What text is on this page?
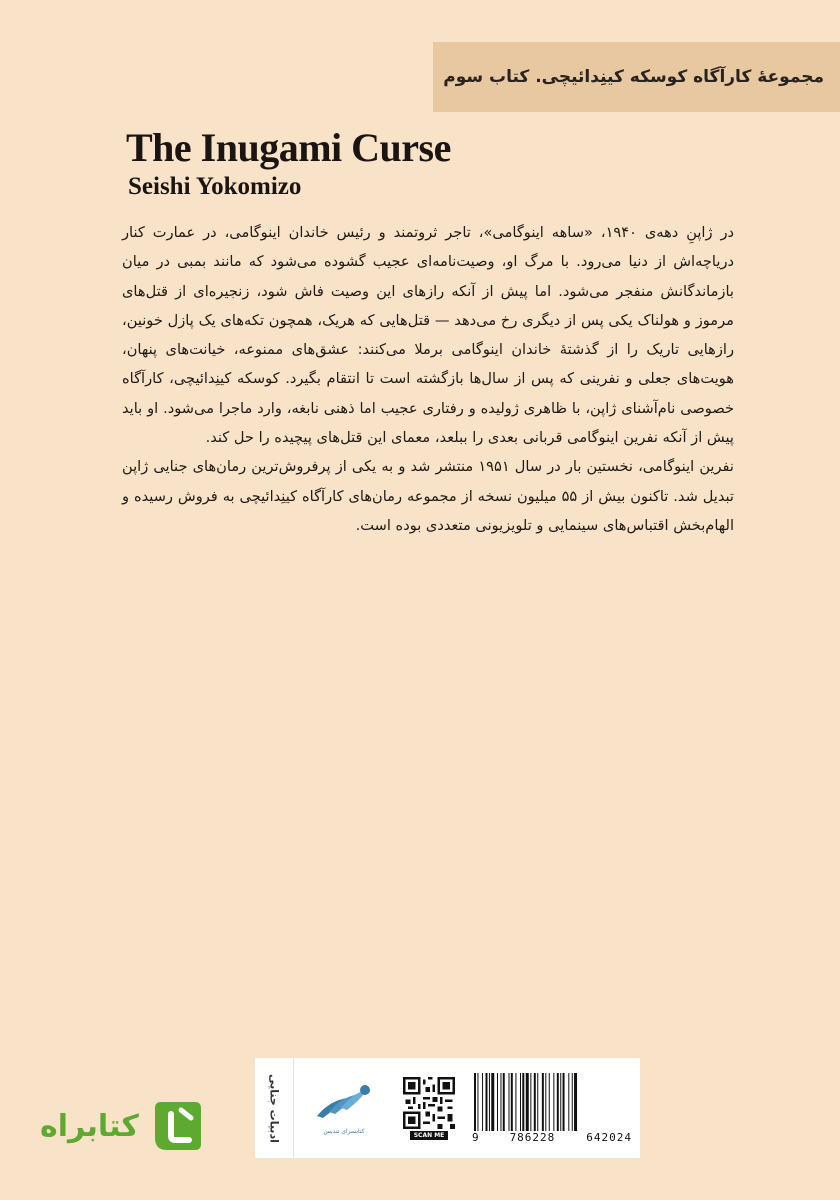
مجموعۀ کارآگاه کوسکه کینِدائیچی. کتاب سوم
The Inugami Curse
Seishi Yokomizo

در ژاپنِ دهه‌ی ۱۹۴۰، «ساهه اینوگامی»، تاجر ثروتمند و رئیس خاندان اینوگامی، در عمارت کنار دریاچه‌اش از دنیا می‌رود. با مرگ او، وصیت‌نامه‌ای عجیب گشوده می‌شود که مانند بمبی در میان بازماندگانش منفجر می‌شود. اما پیش از آنکه رازهای این وصیت فاش شود، زنجیره‌ای از قتل‌های مرموز و هولناک یکی پس از دیگری رخ می‌دهد — قتل‌هایی که هریک، همچون تکه‌های یک پازل خونین، رازهایی تاریک را از گذشتۀ خاندان اینوگامی برملا می‌کنند: عشق‌های ممنوعه، خیانت‌های پنهان، هویت‌های جعلی و نفرینی که پس از سال‌ها بازگشته است تا انتقام بگیرد. کوسکه کینِدائیچی، کارآگاه خصوصی نام‌آشنای ژاپن، با ظاهری ژولیده و رفتاری عجیب اما ذهنی نابغه، وارد ماجرا می‌شود. او باید پیش از آنکه نفرین اینوگامی قربانی بعدی را ببلعد، معمای این قتل‌های پیچیده را حل کند.

نفرین اینوگامی، نخستین بار در سال ۱۹۵۱ منتشر شد و به یکی از پرفروش‌ترین رمان‌های جنایی ژاپن تبدیل شد. تاکنون بیش از ۵۵ میلیون نسخه از مجموعه رمان‌های کارآگاه کینِدائیچی به فروش رسیده و الهام‌بخش اقتباس‌های سینمایی و تلویزیونی متعددی بوده است.

ادبیات جنایی	کتابسرای تندیس
SCAN ME	9	786228	642024
کتابراه
